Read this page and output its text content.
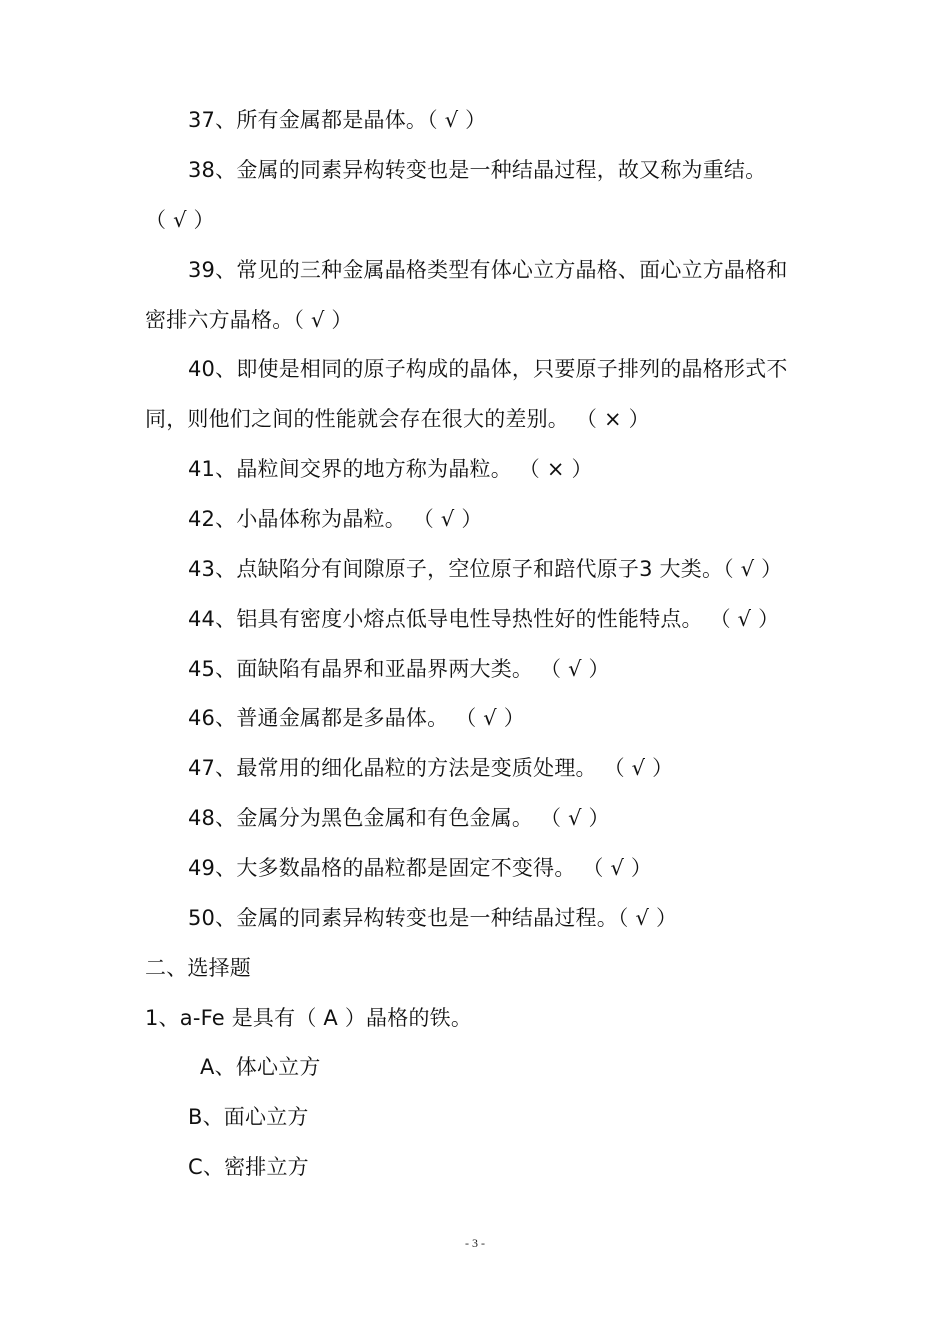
37、所有金属都是晶体。（ √ ）
38、金属的同素异构转变也是一种结晶过程，故又称为重结。
（ √ ）
39、常见的三种金属晶格类型有体心立方晶格、面心立方晶格和
密排六方晶格。（ √ ）
40、即使是相同的原子构成的晶体，只要原子排列的晶格形式不
同，则他们之间的性能就会存在很大的差别。 （ × ）
41、晶粒间交界的地方称为晶粒。 （ × ）
42、小晶体称为晶粒。 （ √ ）
43、点缺陷分有间隙原子，空位原子和踣代原子3 大类。（ √ ）
44、铝具有密度小熔点低导电性导热性好的性能特点。 （ √ ）
45、面缺陷有晶界和亚晶界两大类。 （ √ ）
46、普通金属都是多晶体。 （ √ ）
47、最常用的细化晶粒的方法是变质处理。 （ √ ）
48、金属分为黑色金属和有色金属。 （ √ ）
49、大多数晶格的晶粒都是固定不变得。 （ √ ）
50、金属的同素异构转变也是一种结晶过程。（ √ ）
二、选择题
1、a-Fe 是具有（ A ）晶格的铁。
A、体心立方
B、面心立方
C、密排立方
- 3 -
